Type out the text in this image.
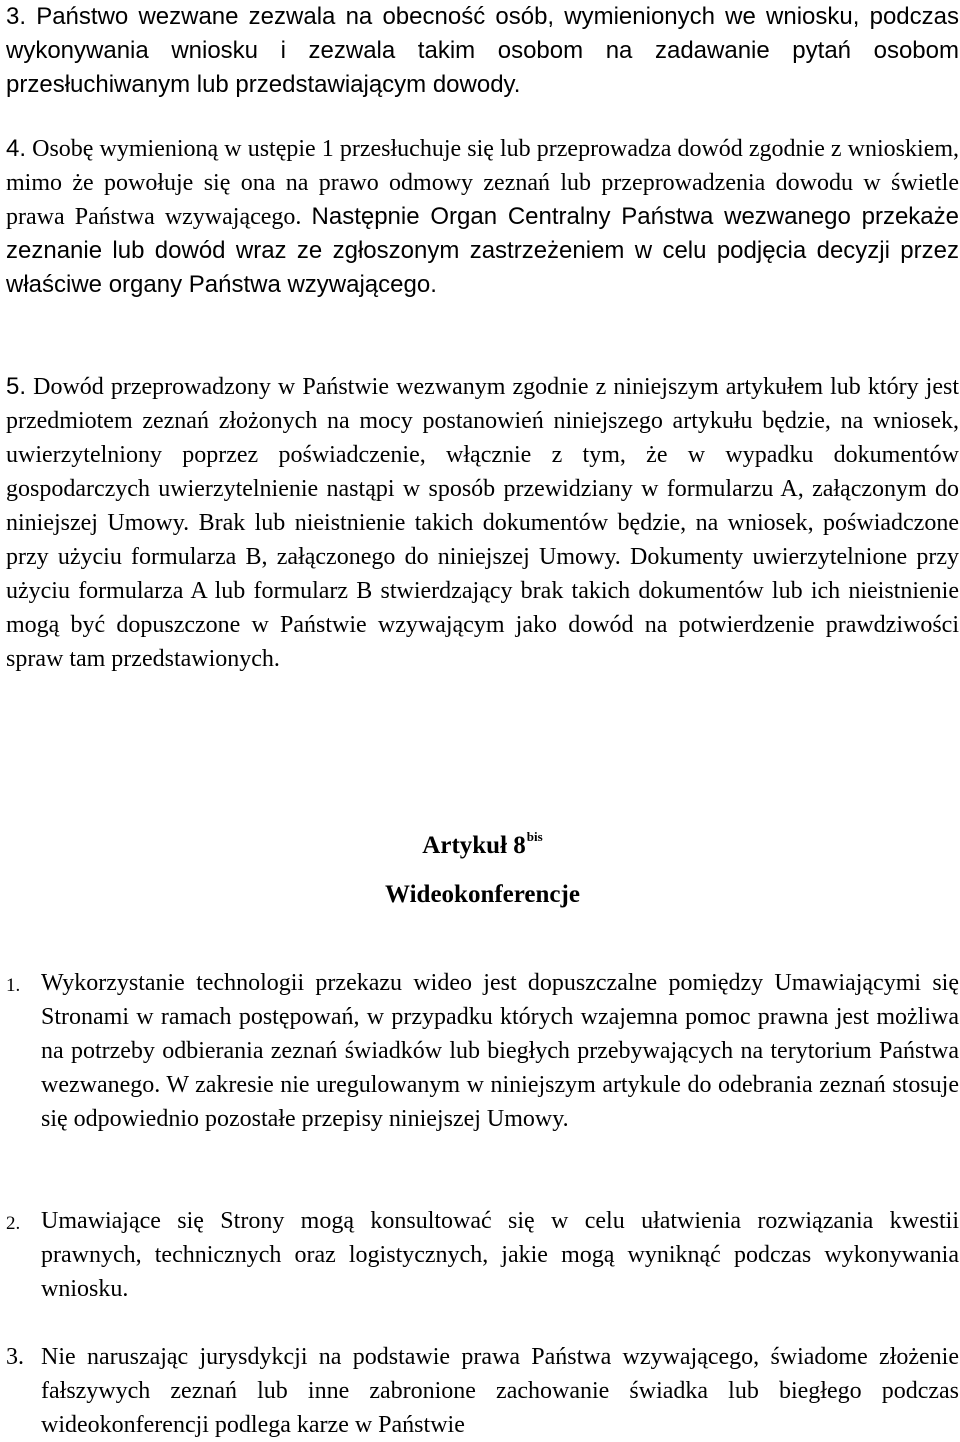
3. Państwo wezwane zezwala na obecność osób, wymienionych we wniosku, podczas wykonywania wniosku i zezwala takim osobom na zadawanie pytań osobom przesłuchiwanym lub przedstawiającym dowody.

4. Osobę wymienioną w ustępie 1 przesłuchuje się lub przeprowadza dowód zgodnie z wnioskiem, mimo że powołuje się ona na prawo odmowy zeznań lub przeprowadzenia dowodu w świetle prawa Państwa wzywającego. Następnie Organ Centralny Państwa wezwanego przekaże zeznanie lub dowód wraz ze zgłoszonym zastrzeżeniem w celu podjęcia decyzji przez właściwe organy Państwa wzywającego.

5. Dowód przeprowadzony w Państwie wezwanym zgodnie z niniejszym artykułem lub który jest przedmiotem zeznań złożonych na mocy postanowień niniejszego artykułu będzie, na wniosek, uwierzytelniony poprzez poświadczenie, włącznie z tym, że w wypadku dokumentów gospodarczych uwierzytelnienie nastąpi w sposób przewidziany w formularzu A, załączonym do niniejszej Umowy. Brak lub nieistnienie takich dokumentów będzie, na wniosek, poświadczone przy użyciu formularza B, załączonego do niniejszej Umowy. Dokumenty uwierzytelnione przy użyciu formularza A lub formularz B stwierdzający brak takich dokumentów lub ich nieistnienie mogą być dopuszczone w Państwie wzywającym jako dowód na potwierdzenie prawdziwości spraw tam przedstawionych.

Artykuł $8^{bis}$
Wideokonferencje
1. Wykorzystanie technologii przekazu wideo jest dopuszczalne pomiędzy Umawiającymi się Stronami w ramach postępowań, w przypadku których wzajemna pomoc prawna jest możliwa na potrzeby odbierania zeznań świadków lub biegłych przebywających na terytorium Państwa wezwanego. W zakresie nie uregulowanym w niniejszym artykule do odebrania zeznań stosuje się odpowiednio pozostałe przepisy niniejszej Umowy.
2. Umawiające się Strony mogą konsultować się w celu ułatwienia rozwiązania kwestii prawnych, technicznych oraz logistycznych, jakie mogą wyniknąć podczas wykonywania wniosku.
3. Nie naruszając jurysdykcji na podstawie prawa Państwa wzywającego, świadome złożenie fałszywych zeznań lub inne zabronione zachowanie świadka lub biegłego podczas wideokonferencji podlega karze w Państwie
